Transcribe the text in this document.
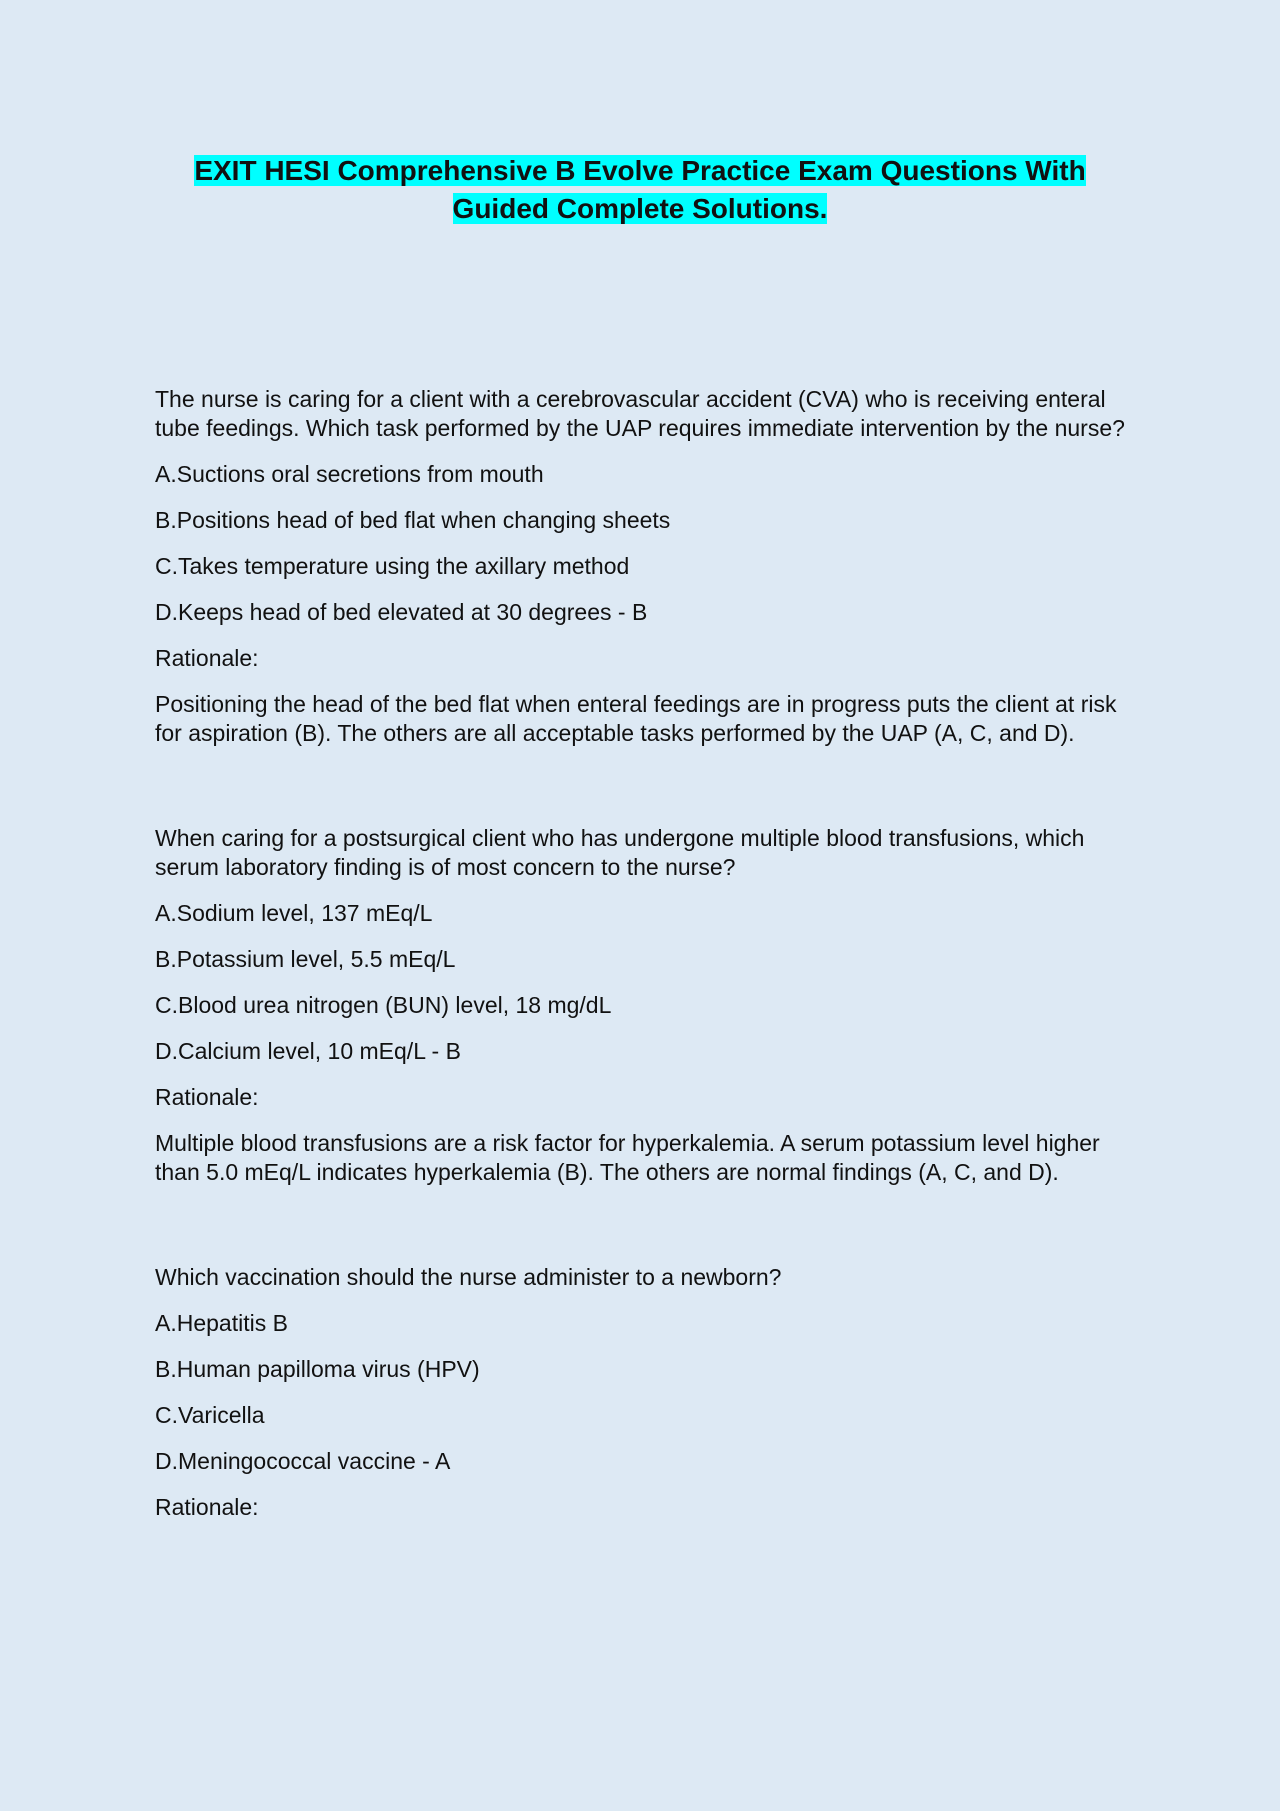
EXIT HESI Comprehensive B Evolve Practice Exam Questions With
Guided Complete Solutions.

The nurse is caring for a client with a cerebrovascular accident (CVA) who is receiving enteral tube feedings. Which task performed by the UAP requires immediate intervention by the nurse?

A.Suctions oral secretions from mouth

B.Positions head of bed flat when changing sheets

C.Takes temperature using the axillary method

D.Keeps head of bed elevated at 30 degrees - B

Rationale:

Positioning the head of the bed flat when enteral feedings are in progress puts the client at risk for aspiration (B). The others are all acceptable tasks performed by the UAP (A, C, and D).

When caring for a postsurgical client who has undergone multiple blood transfusions, which serum laboratory finding is of most concern to the nurse?

A.Sodium level, 137 mEq/L

B.Potassium level, 5.5 mEq/L

C.Blood urea nitrogen (BUN) level, 18 mg/dL

D.Calcium level, 10 mEq/L - B

Rationale:

Multiple blood transfusions are a risk factor for hyperkalemia. A serum potassium level higher than 5.0 mEq/L indicates hyperkalemia (B). The others are normal findings (A, C, and D).

Which vaccination should the nurse administer to a newborn?

A.Hepatitis B

B.Human papilloma virus (HPV)

C.Varicella

D.Meningococcal vaccine - A

Rationale:
